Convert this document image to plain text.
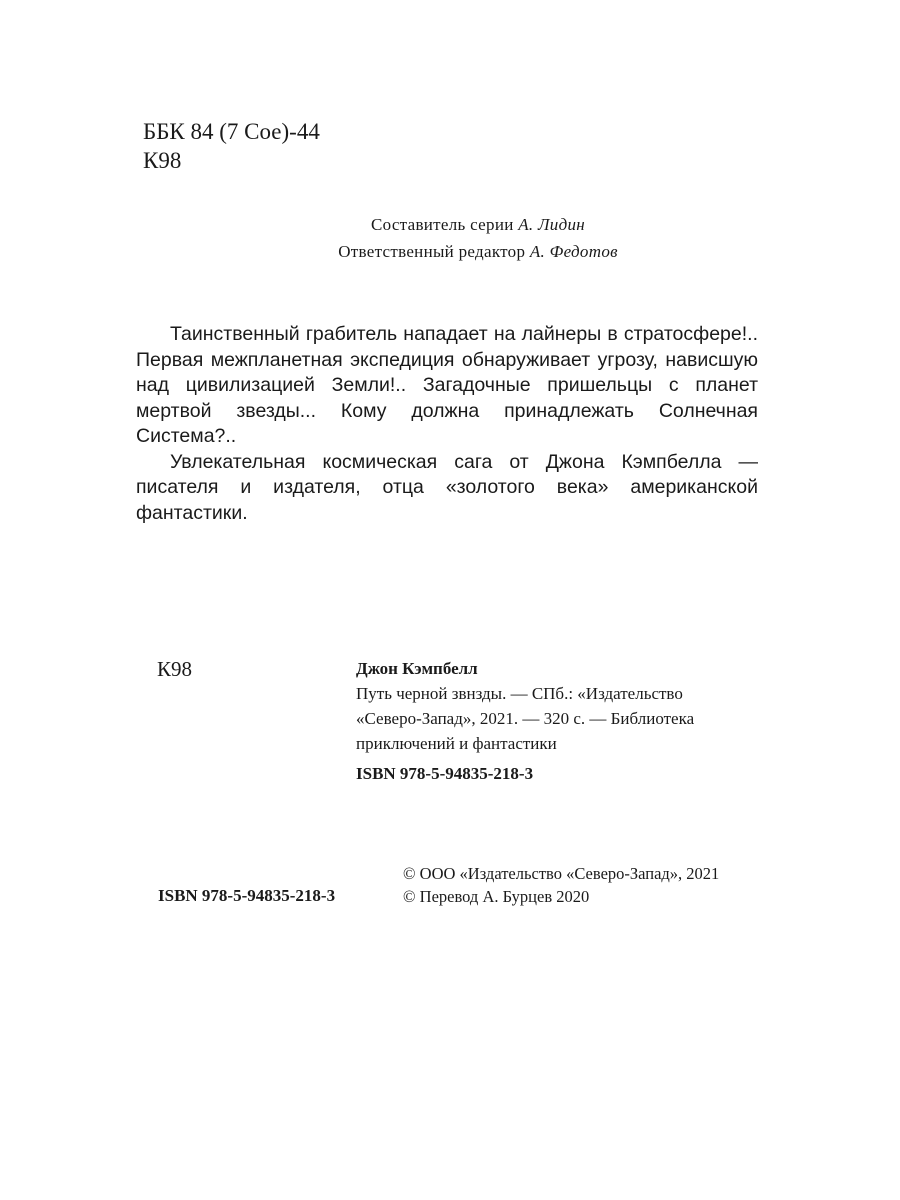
ББК 84 (7 Сое)-44
К98
Составитель серии А. Лидин
Ответственный редактор А. Федотов

Таинственный грабитель нападает на лайнеры в стратосфере!.. Первая межпланетная экспедиция обнаруживает угрозу, нависшую над цивилизацией Земли!.. Загадочные пришельцы с планет мертвой звезды... Кому должна принадлежать Солнечная Система?..

Увлекательная космическая сага от Джона Кэмпбелла — писателя и издателя, отца «золотого века» американской фантастики.

К98	Джон Кэмпбелл
Путь черной звнзды. — СПб.: «Издательство
«Северо-Запад», 2021. — 320 с. — Библиотека
приключений и фантастики
ISBN 978-5-94835-218-3
ISBN 978-5-94835-218-3
© ООО «Издательство «Северо-Запад», 2021
© Перевод А. Бурцев 2020
